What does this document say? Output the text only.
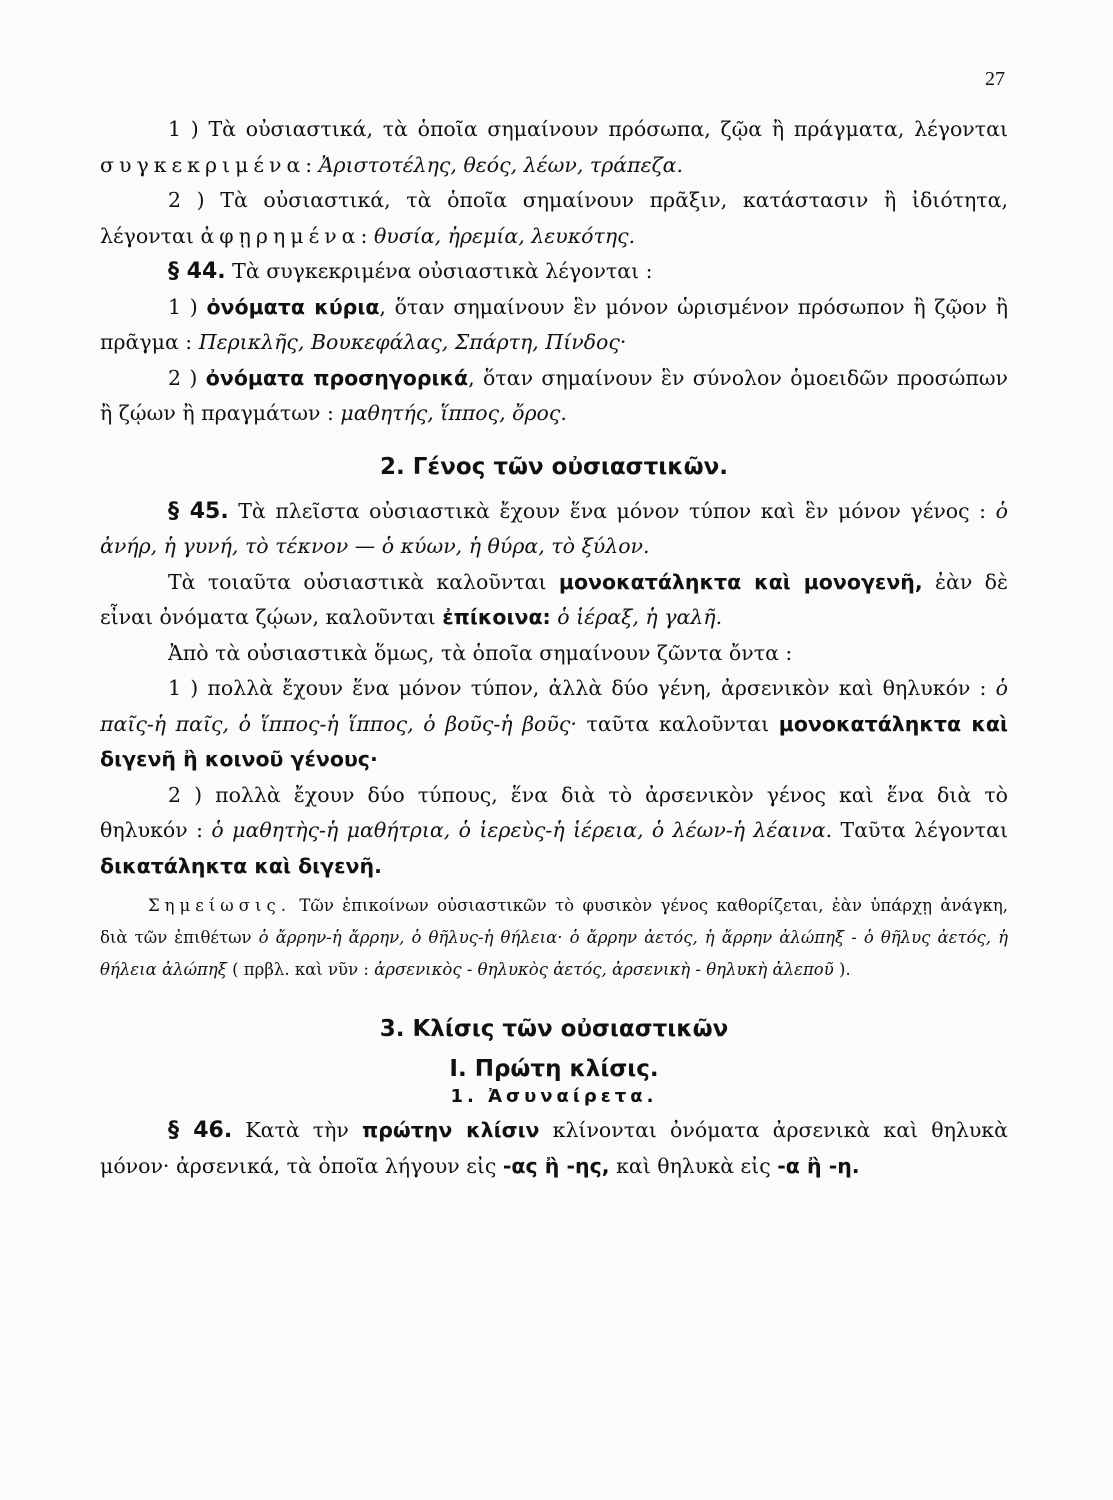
27

1 ) Τὰ οὐσιαστικά, τὰ ὁποῖα σημαίνουν πρόσωπα, ζῷα ἢ πράγματα, λέγονται συγκεκριμένα: Ἀριστοτέλης, θεός, λέων, τράπεζα.

2 ) Τὰ οὐσιαστικά, τὰ ὁποῖα σημαίνουν πρᾶξιν, κατάστασιν ἢ ἰδιότητα, λέγονται ἀφῃρημένα: θυσία, ἠρεμία, λευκότης.

§ 44. Τὰ συγκεκριμένα οὐσιαστικὰ λέγονται :

1 ) ὀνόματα κύρια, ὅταν σημαίνουν ἓν μόνον ὡρισμένον πρόσωπον ἢ ζῷον ἢ πρᾶγμα : Περικλῆς, Βουκεφάλας, Σπάρτη, Πίνδος·

2 ) ὀνόματα προσηγορικά, ὅταν σημαίνουν ἓν σύνολον ὁμοειδῶν προσώπων ἢ ζῴων ἢ πραγμάτων : μαθητής, ἵππος, ὄρος.

2. Γένος τῶν οὐσιαστικῶν.

§ 45. Τὰ πλεῖστα οὐσιαστικὰ ἔχουν ἕνα μόνον τύπον καὶ ἓν μόνον γένος : ὁ ἀνήρ, ἡ γυνή, τὸ τέκνον — ὁ κύων, ἡ θύρα, τὸ ξύλον.

Τὰ τοιαῦτα οὐσιαστικὰ καλοῦνται μονοκατάληκτα καὶ μονογενῆ, ἐὰν δὲ εἶναι ὀνόματα ζῴων, καλοῦνται ἐπίκοινα: ὁ ἱέραξ, ἡ γαλῆ.

Ἀπὸ τὰ οὐσιαστικὰ ὅμως, τὰ ὁποῖα σημαίνουν ζῶντα ὄντα :

1 ) πολλὰ ἔχουν ἕνα μόνον τύπον, ἀλλὰ δύο γένη, ἀρσενικὸν καὶ θηλυκόν : ὁ παῖς-ἡ παῖς, ὁ ἵππος-ἡ ἵππος, ὁ βοῦς-ἡ βοῦς· ταῦτα καλοῦνται μονοκατάληκτα καὶ διγενῆ ἢ κοινοῦ γένους·

2 ) πολλὰ ἔχουν δύο τύπους, ἕνα διὰ τὸ ἀρσενικὸν γένος καὶ ἕνα διὰ τὸ θηλυκόν : ὁ μαθητὴς-ἡ μαθήτρια, ὁ ἱερεὺς-ἡ ἱέρεια, ὁ λέων-ἡ λέαινα. Ταῦτα λέγονται δικατάληκτα καὶ διγενῆ.

Σημείωσις. Τῶν ἐπικοίνων οὐσιαστικῶν τὸ φυσικὸν γένος καθορίζεται, ἐὰν ὑπάρχῃ ἀνάγκη, διὰ τῶν ἐπιθέτων ὁ ἄρρην-ἡ ἄρρην, ὁ θῆλυς-ἡ θήλεια· ὁ ἄρρην ἀετός, ἡ ἄρρην ἀλώπηξ - ὁ θῆλυς ἀετός, ἡ θήλεια ἀλώπηξ ( πρβλ. καὶ νῦν : ἀρσενικὸς - θηλυκὸς ἀετός, ἀρσενικὴ - θηλυκὴ ἀλεποῦ ).

3. Κλίσις τῶν οὐσιαστικῶν
I. Πρώτη κλίσις.
1. Ἀσυναίρετα.

§ 46. Κατὰ τὴν πρώτην κλίσιν κλίνονται ὀνόματα ἀρσενικὰ καὶ θηλυκὰ μόνον· ἀρσενικά, τὰ ὁποῖα λήγουν εἰς -ας ἢ -ης, καὶ θηλυκὰ εἰς -α ἢ -η.
